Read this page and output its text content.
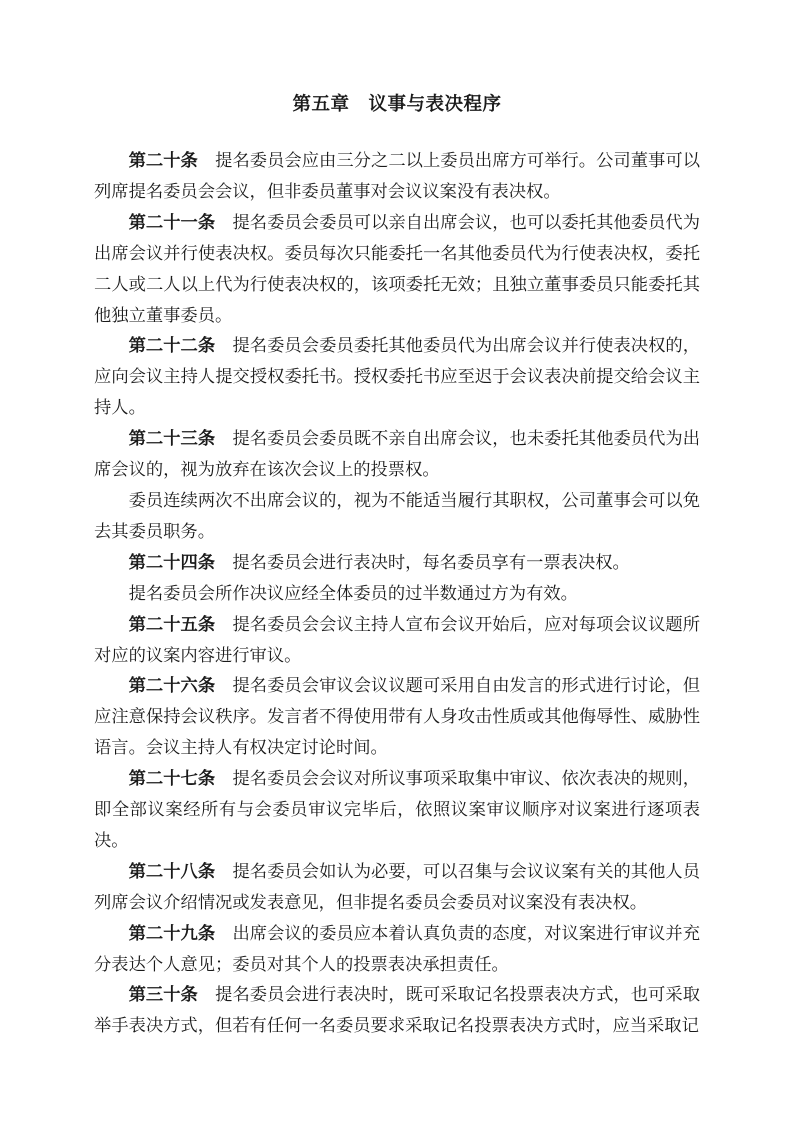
第五章　议事与表决程序

第二十条 提名委员会应由三分之二以上委员出席方可举行。公司董事可以列席提名委员会会议，但非委员董事对会议议案没有表决权。

第二十一条 提名委员会委员可以亲自出席会议，也可以委托其他委员代为出席会议并行使表决权。委员每次只能委托一名其他委员代为行使表决权，委托二人或二人以上代为行使表决权的，该项委托无效；且独立董事委员只能委托其他独立董事委员。

第二十二条 提名委员会委员委托其他委员代为出席会议并行使表决权的，应向会议主持人提交授权委托书。授权委托书应至迟于会议表决前提交给会议主持人。

第二十三条 提名委员会委员既不亲自出席会议，也未委托其他委员代为出席会议的，视为放弃在该次会议上的投票权。

委员连续两次不出席会议的，视为不能适当履行其职权，公司董事会可以免去其委员职务。

第二十四条 提名委员会进行表决时，每名委员享有一票表决权。

提名委员会所作决议应经全体委员的过半数通过方为有效。

第二十五条 提名委员会会议主持人宣布会议开始后，应对每项会议议题所对应的议案内容进行审议。

第二十六条 提名委员会审议会议议题可采用自由发言的形式进行讨论，但应注意保持会议秩序。发言者不得使用带有人身攻击性质或其他侮辱性、威胁性语言。会议主持人有权决定讨论时间。

第二十七条 提名委员会会议对所议事项采取集中审议、依次表决的规则，即全部议案经所有与会委员审议完毕后，依照议案审议顺序对议案进行逐项表决。

第二十八条 提名委员会如认为必要，可以召集与会议议案有关的其他人员列席会议介绍情况或发表意见，但非提名委员会委员对议案没有表决权。

第二十九条 出席会议的委员应本着认真负责的态度，对议案进行审议并充分表达个人意见；委员对其个人的投票表决承担责任。

第三十条 提名委员会进行表决时，既可采取记名投票表决方式，也可采取举手表决方式，但若有任何一名委员要求采取记名投票表决方式时，应当采取记
